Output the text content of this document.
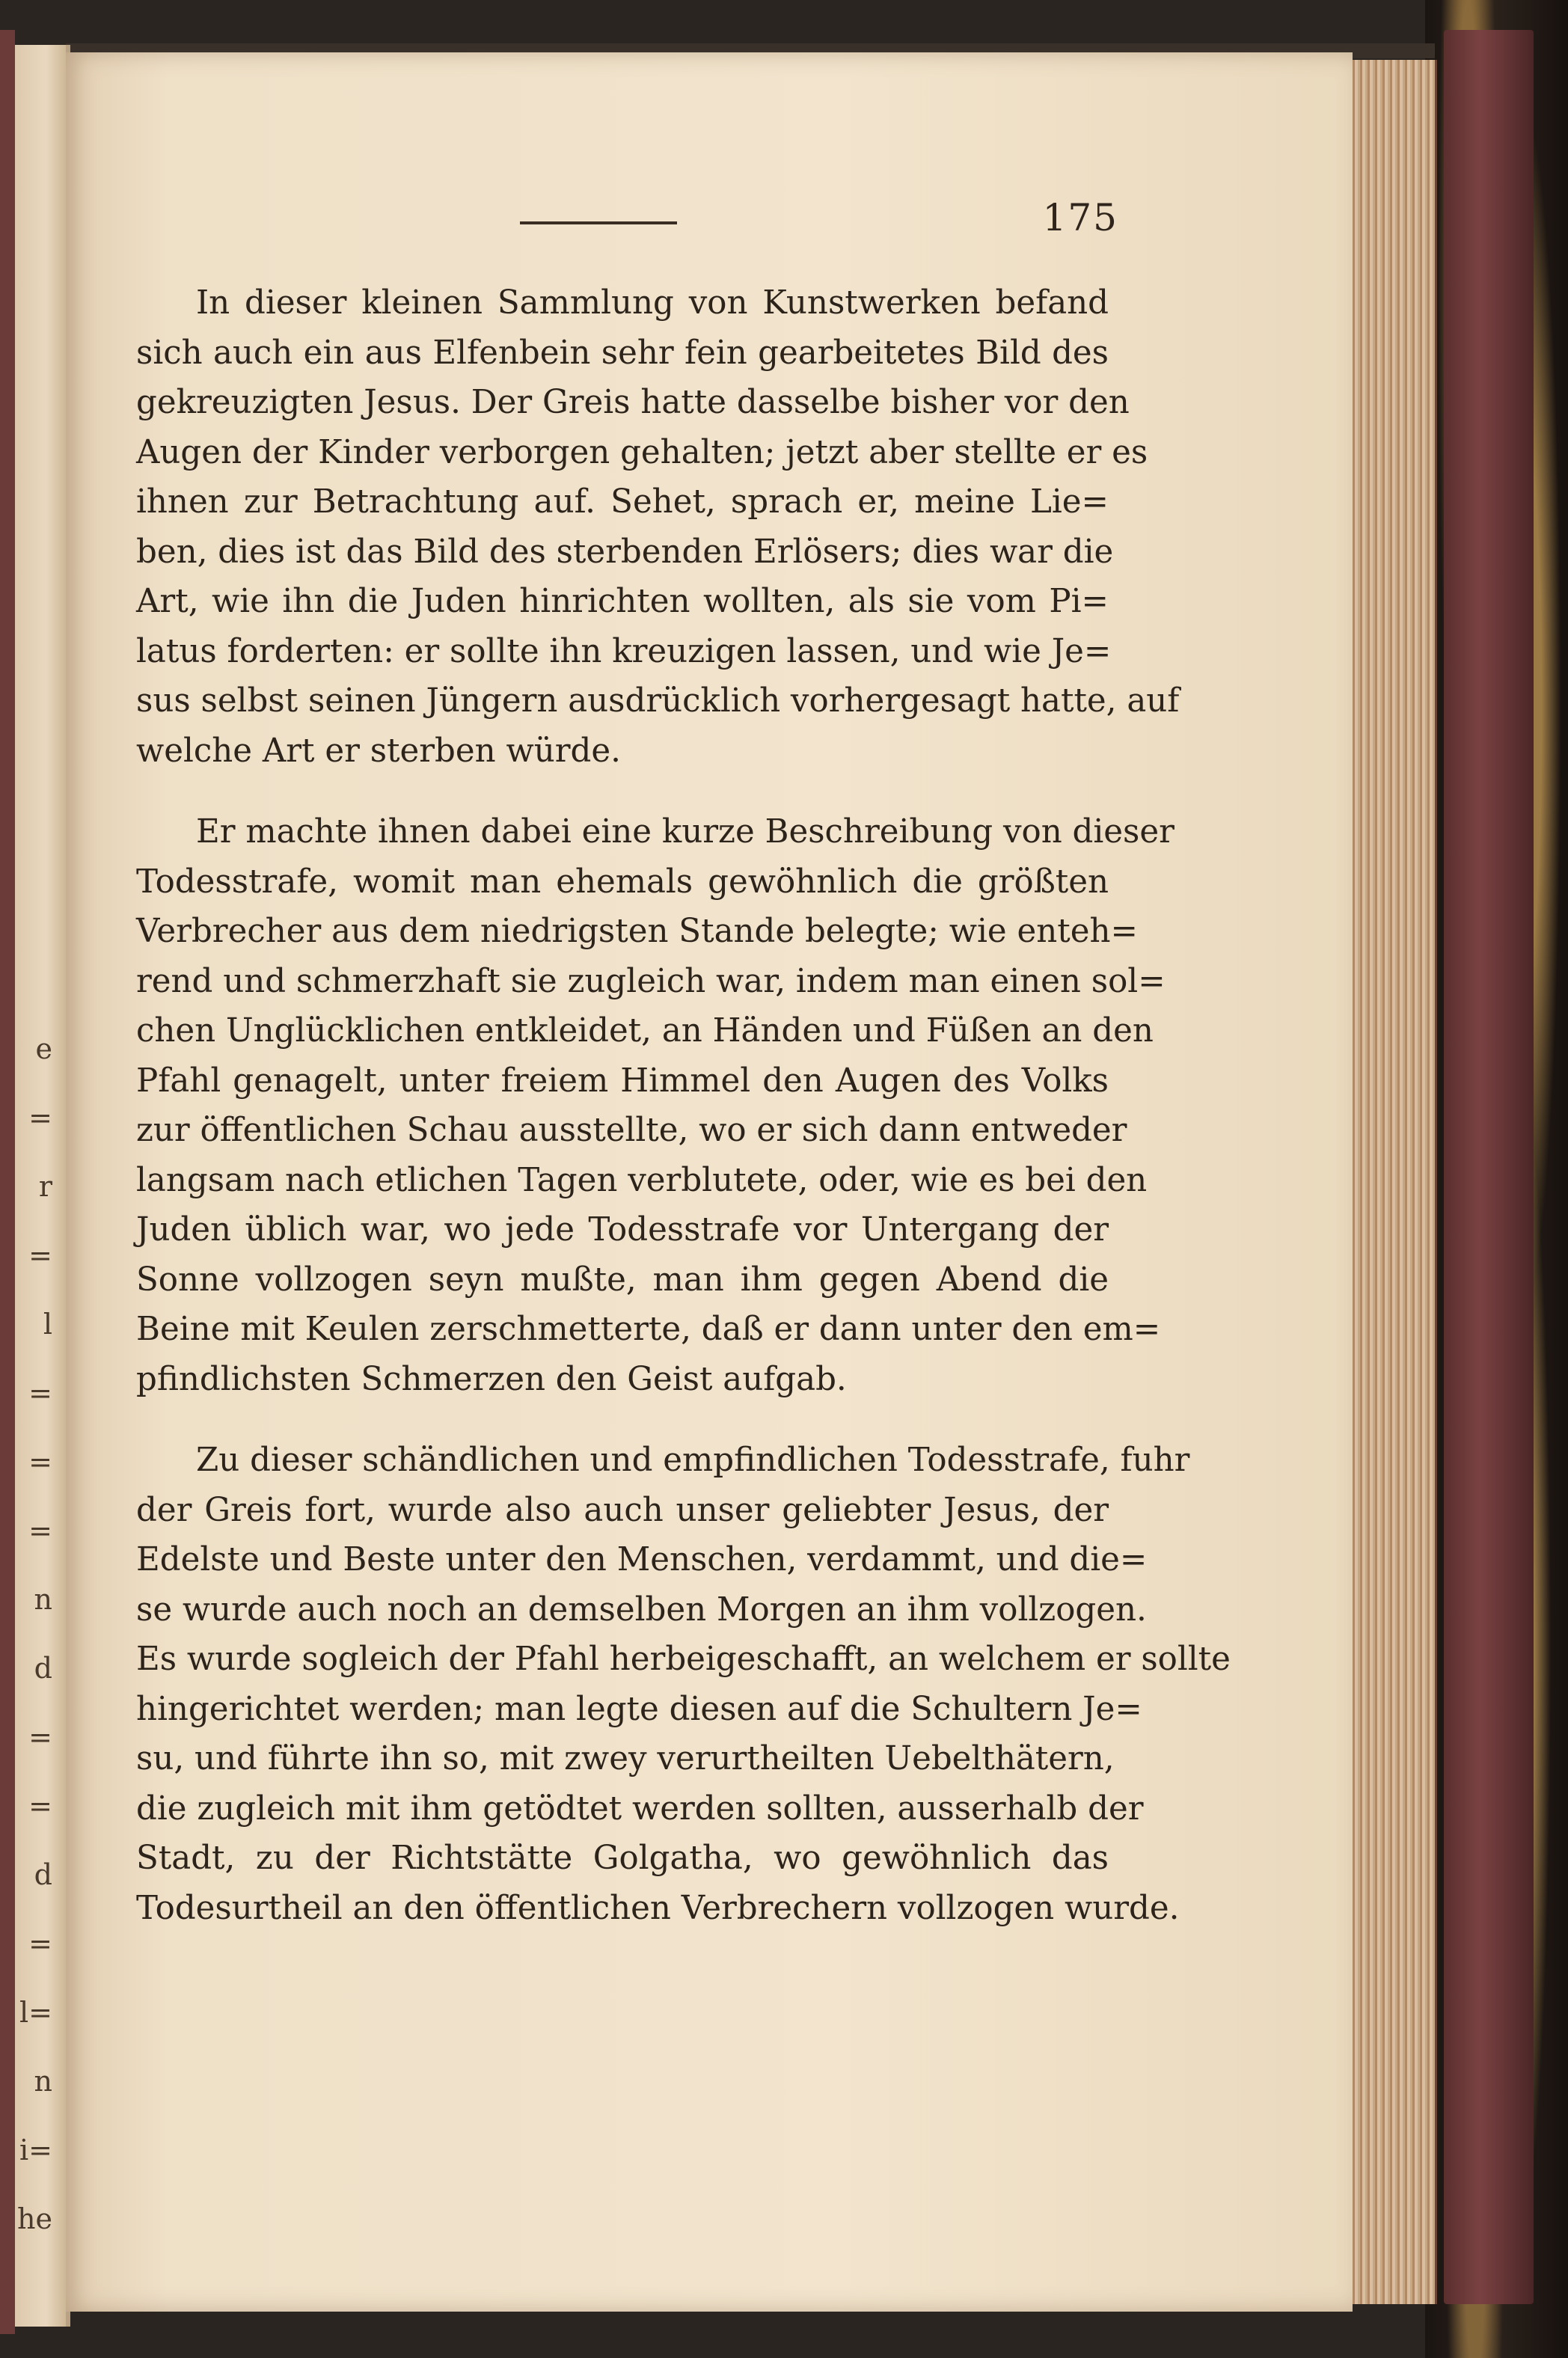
e
=
r
=
l
=
=
=
n
d
=
=
d
=
l=
n
i=
he
175
In dieser kleinen Sammlung von Kunstwerken befand
sich auch ein aus Elfenbein sehr fein gearbeitetes Bild des
gekreuzigten Jesus. Der Greis hatte dasselbe bisher vor den
Augen der Kinder verborgen gehalten; jetzt aber stellte er es
ihnen zur Betrachtung auf. Sehet, sprach er, meine Lie=
ben, dies ist das Bild des sterbenden Erlösers; dies war die
Art, wie ihn die Juden hinrichten wollten, als sie vom Pi=
latus forderten: er sollte ihn kreuzigen lassen, und wie Je=
sus selbst seinen Jüngern ausdrücklich vorhergesagt hatte, auf
welche Art er sterben würde.
Er machte ihnen dabei eine kurze Beschreibung von dieser
Todesstrafe, womit man ehemals gewöhnlich die größten
Verbrecher aus dem niedrigsten Stande belegte; wie enteh=
rend und schmerzhaft sie zugleich war, indem man einen sol=
chen Unglücklichen entkleidet, an Händen und Füßen an den
Pfahl genagelt, unter freiem Himmel den Augen des Volks
zur öffentlichen Schau ausstellte, wo er sich dann entweder
langsam nach etlichen Tagen verblutete, oder, wie es bei den
Juden üblich war, wo jede Todesstrafe vor Untergang der
Sonne vollzogen seyn mußte, man ihm gegen Abend die
Beine mit Keulen zerschmetterte, daß er dann unter den em=
pfindlichsten Schmerzen den Geist aufgab.
Zu dieser schändlichen und empfindlichen Todesstrafe, fuhr
der Greis fort, wurde also auch unser geliebter Jesus, der
Edelste und Beste unter den Menschen, verdammt, und die=
se wurde auch noch an demselben Morgen an ihm vollzogen.
Es wurde sogleich der Pfahl herbeigeschafft, an welchem er sollte
hingerichtet werden; man legte diesen auf die Schultern Je=
su, und führte ihn so, mit zwey verurtheilten Uebelthätern,
die zugleich mit ihm getödtet werden sollten, ausserhalb der
Stadt, zu der Richtstätte Golgatha, wo gewöhnlich das
Todesurtheil an den öffentlichen Verbrechern vollzogen wurde.
